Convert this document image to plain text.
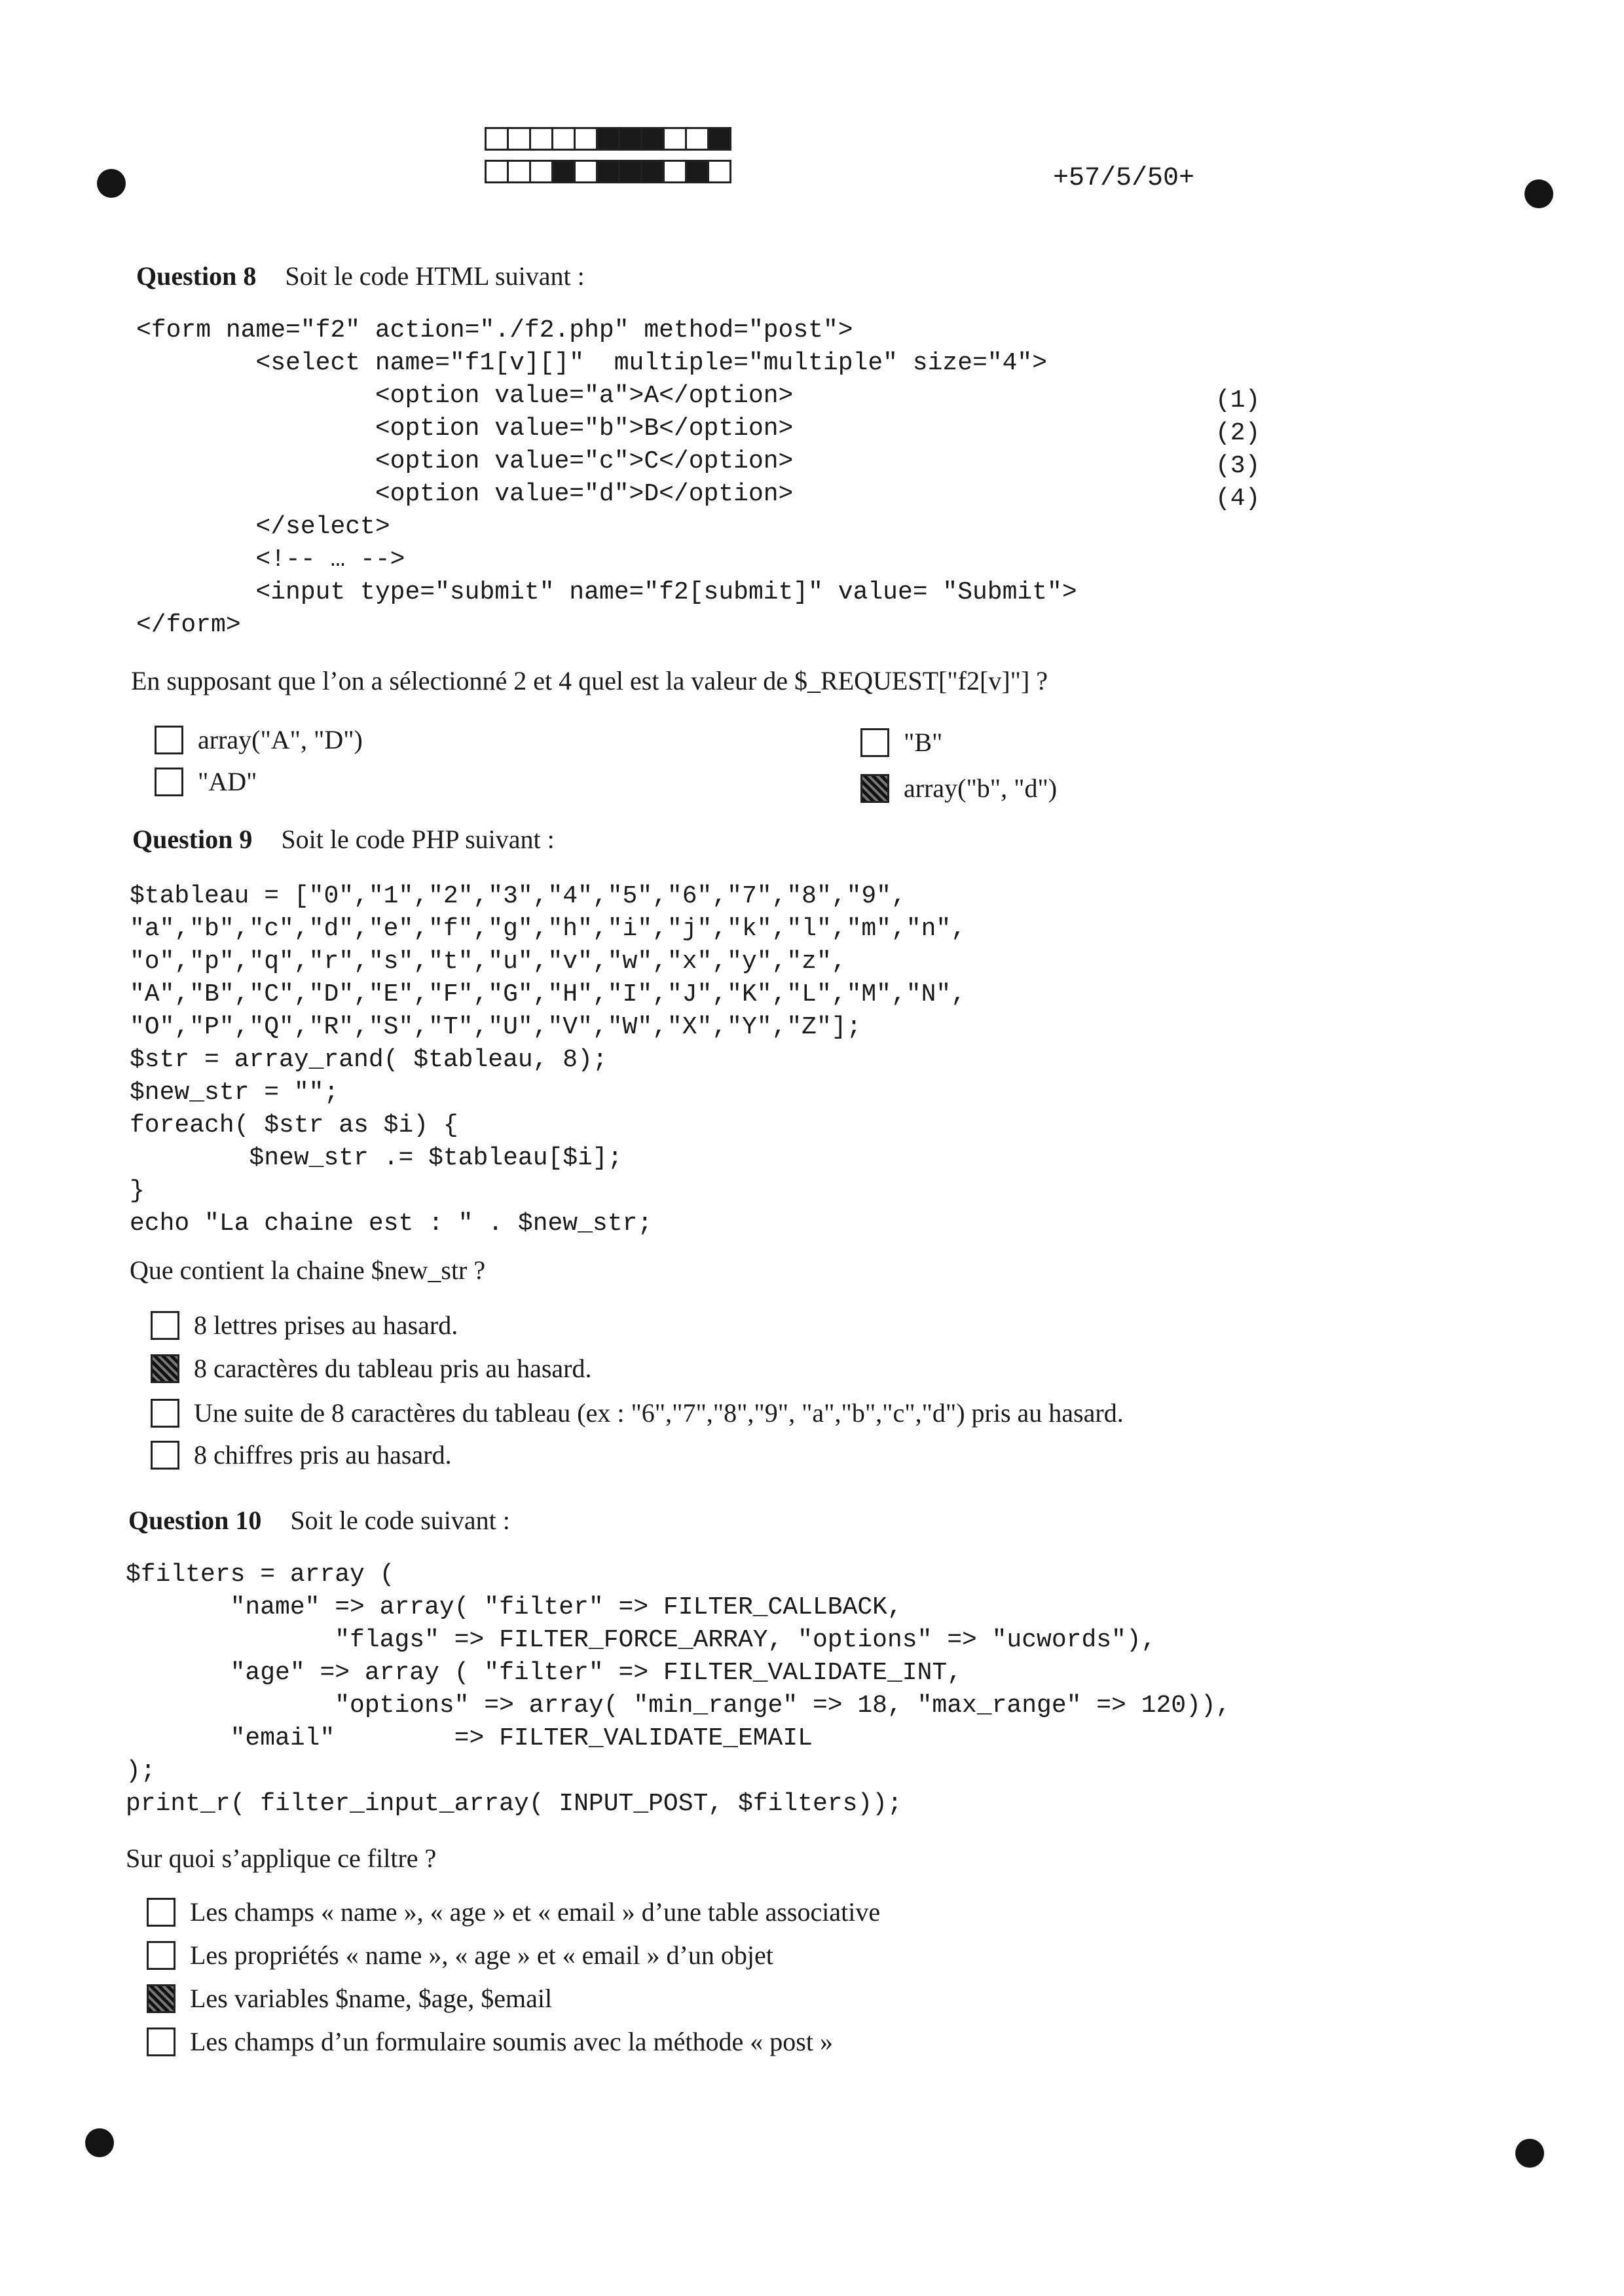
+57/5/50+
Question 8 Soit le code HTML suivant :
<form name="f2" action="./f2.php" method="post">
<select name="f1[v][]"  multiple="multiple" size="4">
<option value="a">A</option>
<option value="b">B</option>
<option value="c">C</option>
<option value="d">D</option>
</select>
<!-- … -->
<input type="submit" name="f2[submit]" value= "Submit">
</form>
(1)
(2)
(3)
(4)
En supposant que l’on a sélectionné 2 et 4 quel est la valeur de $_REQUEST["f2[v]"] ?
array("A", "D")
"AD"
"B"
array("b", "d")
Question 9 Soit le code PHP suivant :
$tableau = ["0","1","2","3","4","5","6","7","8","9",
"a","b","c","d","e","f","g","h","i","j","k","l","m","n",
"o","p","q","r","s","t","u","v","w","x","y","z",
"A","B","C","D","E","F","G","H","I","J","K","L","M","N",
"O","P","Q","R","S","T","U","V","W","X","Y","Z"];
$str = array_rand( $tableau, 8);
$new_str = "";
foreach( $str as $i) {
$new_str .= $tableau[$i];
}
echo "La chaine est : " . $new_str;
Que contient la chaine $new_str ?
8 lettres prises au hasard.
8 caractères du tableau pris au hasard.
Une suite de 8 caractères du tableau (ex : "6","7","8","9", "a","b","c","d") pris au hasard.
8 chiffres pris au hasard.
Question 10 Soit le code suivant :
$filters = array (
"name" => array( "filter" => FILTER_CALLBACK,
"flags" => FILTER_FORCE_ARRAY, "options" => "ucwords"),
"age" => array ( "filter" => FILTER_VALIDATE_INT,
"options" => array( "min_range" => 18, "max_range" => 120)),
"email"        => FILTER_VALIDATE_EMAIL
);
print_r( filter_input_array( INPUT_POST, $filters));
Sur quoi s’applique ce filtre ?
Les champs « name », « age » et « email » d’une table associative
Les propriétés « name », « age » et « email » d’un objet
Les variables $name, $age, $email
Les champs d’un formulaire soumis avec la méthode « post »
